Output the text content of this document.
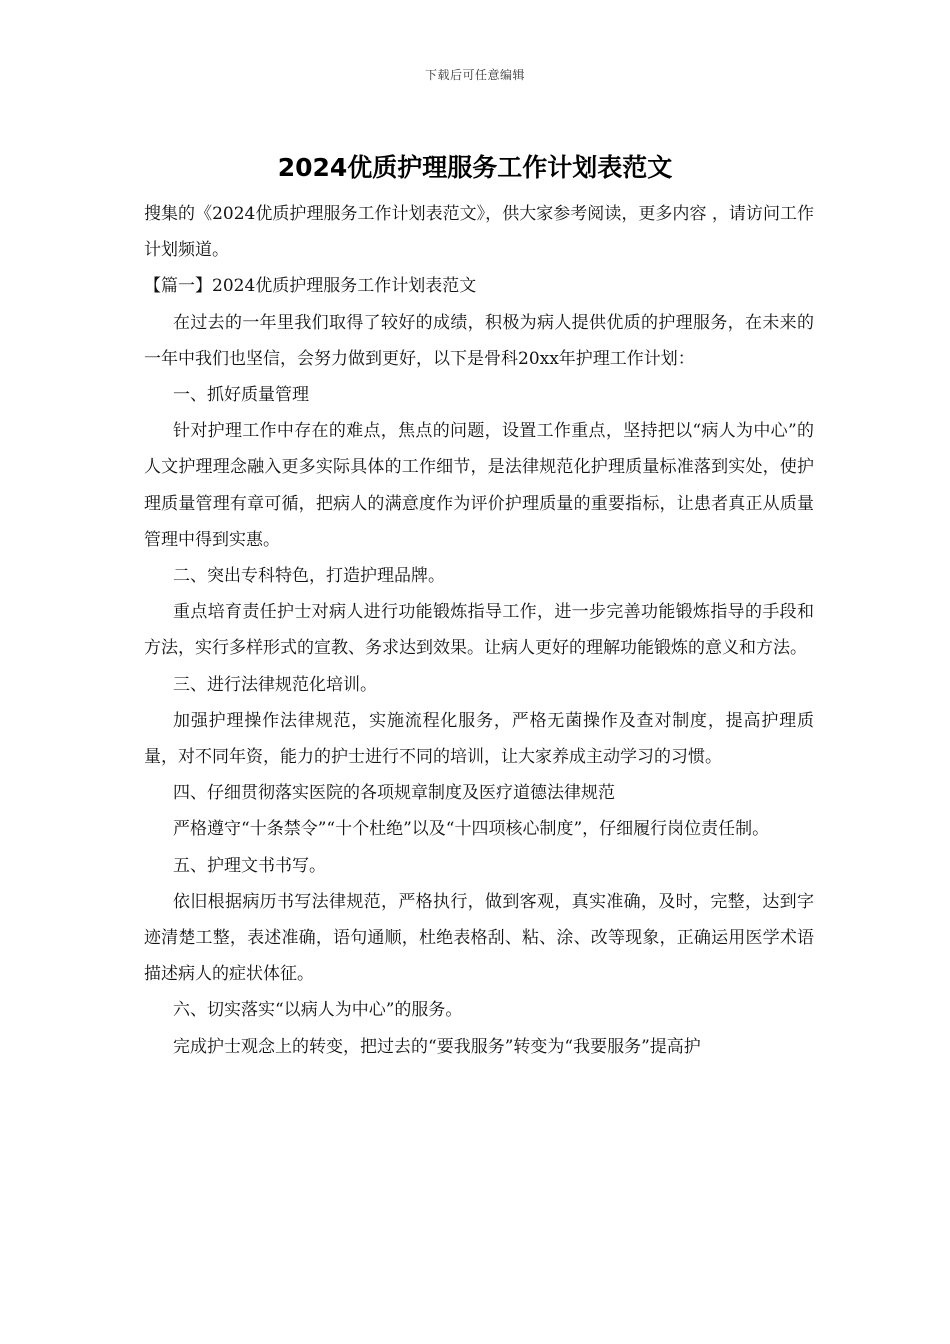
下载后可任意编辑
2024优质护理服务工作计划表范文

搜集的《2024优质护理服务工作计划表范文》，供大家参考阅读，更多内容 ，请访问工作计划频道。

【篇一】2024优质护理服务工作计划表范文

在过去的一年里我们取得了较好的成绩，积极为病人提供优质的护理服务，在未来的一年中我们也坚信，会努力做到更好，以下是骨科20xx年护理工作计划：

一、抓好质量管理

针对护理工作中存在的难点，焦点的问题，设置工作重点，坚持把以“病人为中心”的人文护理理念融入更多实际具体的工作细节，是法律规范化护理质量标准落到实处，使护理质量管理有章可循，把病人的满意度作为评价护理质量的重要指标，让患者真正从质量管理中得到实惠。

二、突出专科特色，打造护理品牌。

重点培育责任护士对病人进行功能锻炼指导工作，进一步完善功能锻炼指导的手段和方法，实行多样形式的宣教、务求达到效果。让病人更好的理解功能锻炼的意义和方法。

三、进行法律规范化培训。

加强护理操作法律规范，实施流程化服务，严格无菌操作及查对制度，提高护理质量，对不同年资，能力的护士进行不同的培训，让大家养成主动学习的习惯。

四、仔细贯彻落实医院的各项规章制度及医疗道德法律规范

严格遵守“十条禁令”“十个杜绝”以及“十四项核心制度”，仔细履行岗位责任制。

五、护理文书书写。

依旧根据病历书写法律规范，严格执行，做到客观，真实准确，及时，完整，达到字迹清楚工整，表述准确，语句通顺，杜绝表格刮、粘、涂、改等现象，正确运用医学术语描述病人的症状体征。

六、切实落实“以病人为中心”的服务。

完成护士观念上的转变，把过去的“要我服务”转变为“我要服务”提高护
